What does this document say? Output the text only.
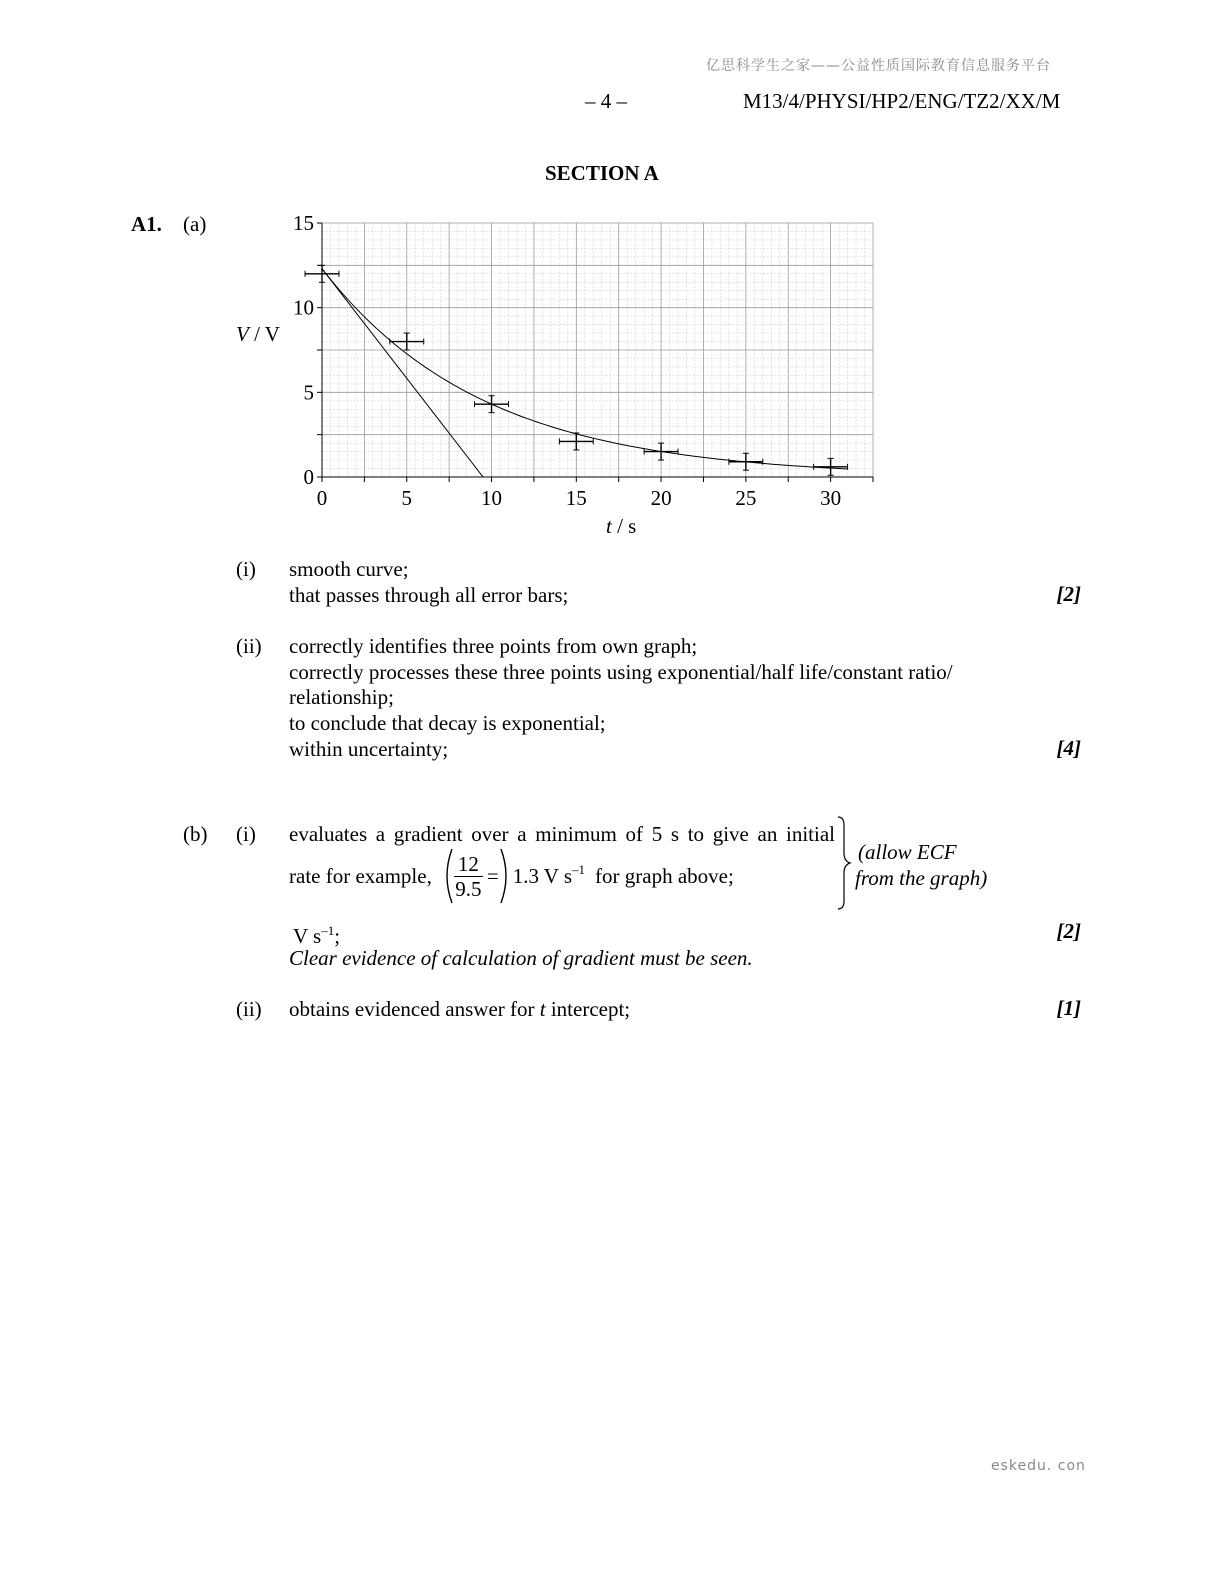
亿思科学生之家——公益性质国际教育信息服务平台
– 4 –	M13/4/PHYSI/HP2/ENG/TZ2/XX/M
SECTION A
A1. (a)
0	5	10	15	20	25	30
0
5
10
15
V / V
t / s
(i) smooth curve;
that passes through all error bars;	[2]
(ii) correctly identifies three points from own graph;
correctly processes these three points using exponential/half life/constant ratio/
relationship;
to conclude that decay is exponential;
within uncertainty;	[4]
(b) (i) evaluates a gradient over a minimum of 5 s to give an initial
rate for example, $\frac{12}{9.5} = 1.3$ V $s^{-1}$ for graph above;
(allow ECF
from the graph)
V $s^{-1}$;	[2]
Clear evidence of calculation of gradient must be seen.
(ii) obtains evidenced answer for t intercept;	[1]
eskedu. con
